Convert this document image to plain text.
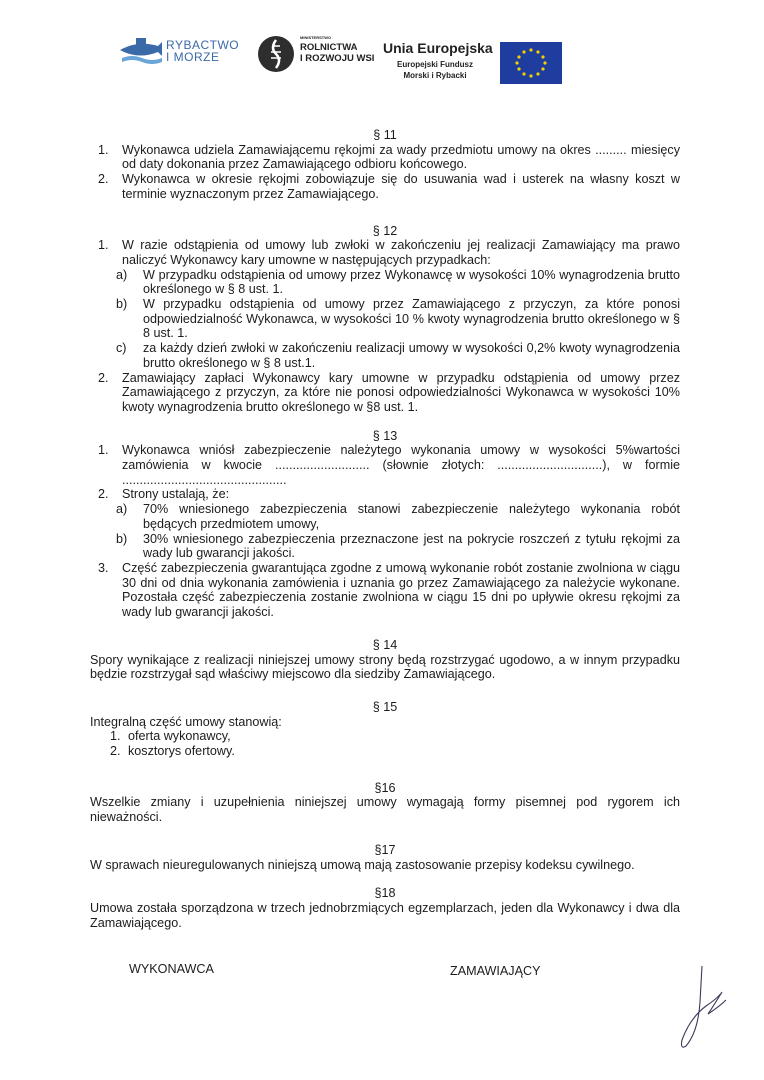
RYBACTWO
I MORZE
MINISTERSTWO
ROLNICTWA
I ROZWOJU WSI
Unia Europejska
Europejski Fundusz
Morski i Rybacki

§ 11

1.	Wykonawca udziela Zamawiającemu rękojmi za wady przedmiotu umowy na okres ......... miesięcy od daty dokonania przez Zamawiającego odbioru końcowego.
2.	Wykonawca w okresie rękojmi zobowiązuje się do usuwania wad i usterek na własny koszt w terminie wyznaczonym przez Zamawiającego.

§ 12

1.	W razie odstąpienia od umowy lub zwłoki w zakończeniu jej realizacji Zamawiający ma prawo naliczyć Wykonawcy kary umowne w następujących przypadkach:
a)	W przypadku odstąpienia od umowy przez Wykonawcę w wysokości 10% wynagrodzenia brutto określonego w § 8 ust. 1.
b)	W przypadku odstąpienia od umowy przez Zamawiającego z przyczyn, za które ponosi odpowiedzialność Wykonawca, w wysokości 10 % kwoty wynagrodzenia brutto określonego w § 8 ust. 1.
c)	za każdy dzień zwłoki w zakończeniu realizacji umowy w wysokości 0,2% kwoty wynagrodzenia brutto określonego w § 8 ust.1.
2.	Zamawiający zapłaci Wykonawcy kary umowne w przypadku odstąpienia od umowy przez Zamawiającego z przyczyn, za które nie ponosi odpowiedzialności Wykonawca w wysokości 10% kwoty wynagrodzenia brutto określonego w §8 ust. 1.

§ 13

1.	Wykonawca wniósł zabezpieczenie należytego wykonania umowy w wysokości 5%wartości zamówienia w kwocie ........................... (słownie złotych: ..............................), w formie ...............................................
2.	Strony ustalają, że:
a)	70% wniesionego zabezpieczenia stanowi zabezpieczenie należytego wykonania robót będących przedmiotem umowy,
b)	30% wniesionego zabezpieczenia przeznaczone jest na pokrycie roszczeń z tytułu rękojmi za wady lub gwarancji jakości.
3.	Część zabezpieczenia gwarantująca zgodne z umową wykonanie robót zostanie zwolniona w ciągu 30 dni od dnia wykonania zamówienia i uznania go przez Zamawiającego za należycie wykonane. Pozostała część zabezpieczenia zostanie zwolniona w ciągu 15 dni po upływie okresu rękojmi za wady lub gwarancji jakości.

§ 14

Spory wynikające z realizacji niniejszej umowy strony będą rozstrzygać ugodowo, a w innym przypadku będzie rozstrzygał sąd właściwy miejscowo dla siedziby Zamawiającego.

§ 15

Integralną część umowy stanowią:

1. oferta wykonawcy,
2. kosztorys ofertowy.

§16

Wszelkie zmiany i uzupełnienia niniejszej umowy wymagają formy pisemnej pod rygorem ich nieważności.

§17

W sprawach nieuregulowanych niniejszą umową mają zastosowanie przepisy kodeksu cywilnego.

§18

Umowa została sporządzona w trzech jednobrzmiących egzemplarzach, jeden dla Wykonawcy i dwa dla Zamawiającego.

WYKONAWCA	ZAMAWIAJĄCY
